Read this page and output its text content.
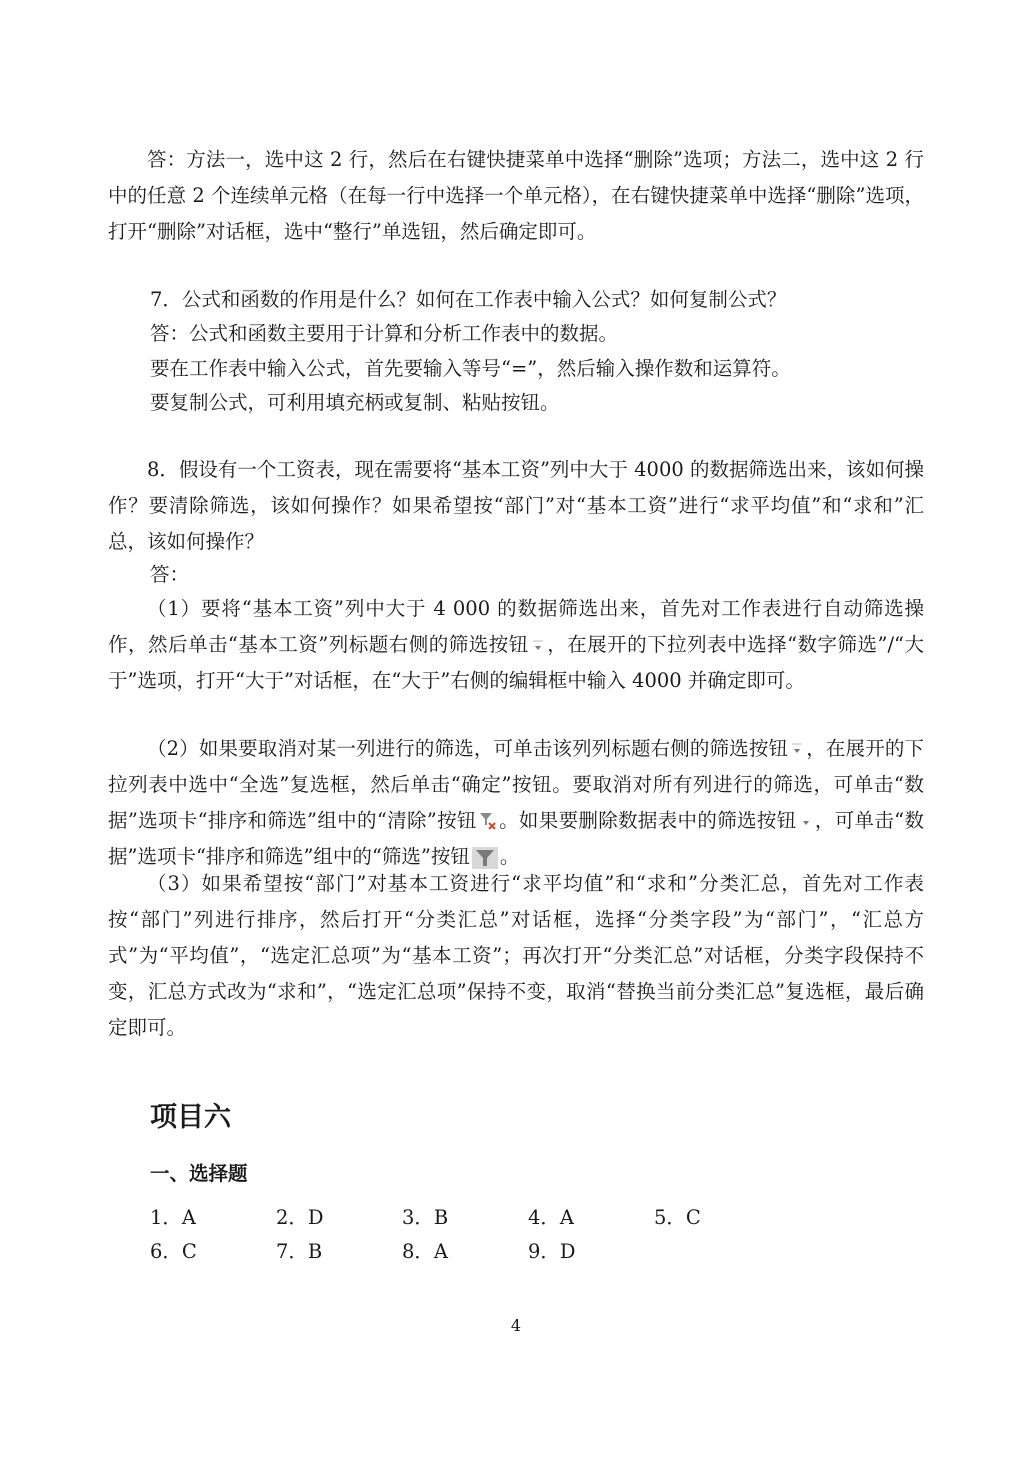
答：方法一，选中这 2 行，然后在右键快捷菜单中选择“删除”选项；方法二，选中这 2 行中的任意 2 个连续单元格（在每一行中选择一个单元格），在右键快捷菜单中选择“删除”选项，打开“删除”对话框，选中“整行”单选钮，然后确定即可。

7．公式和函数的作用是什么？如何在工作表中输入公式？如何复制公式？

答：公式和函数主要用于计算和分析工作表中的数据。

要在工作表中输入公式，首先要输入等号“=”，然后输入操作数和运算符。

要复制公式，可利用填充柄或复制、粘贴按钮。

8．假设有一个工资表，现在需要将“基本工资”列中大于 4000 的数据筛选出来，该如何操作？要清除筛选，该如何操作？如果希望按“部门”对“基本工资”进行“求平均值”和“求和”汇总，该如何操作？

答：

（1）要将“基本工资”列中大于 4 000 的数据筛选出来，首先对工作表进行自动筛选操作，然后单击“基本工资”列标题右侧的筛选按钮 ，在展开的下拉列表中选择“数字筛选”/“大于”选项，打开“大于”对话框，在“大于”右侧的编辑框中输入 4000 并确定即可。

（2）如果要取消对某一列进行的筛选，可单击该列列标题右侧的筛选按钮 ，在展开的下拉列表中选中“全选”复选框，然后单击“确定”按钮。要取消对所有列进行的筛选，可单击“数据”选项卡“排序和筛选”组中的“清除”按钮 。如果要删除数据表中的筛选按钮 ，可单击“数据”选项卡“排序和筛选”组中的“筛选”按钮 。

（3）如果希望按“部门”对基本工资进行“求平均值”和“求和”分类汇总，首先对工作表按“部门”列进行排序，然后打开“分类汇总”对话框，选择“分类字段”为“部门”，“汇总方式”为“平均值”，“选定汇总项”为“基本工资”；再次打开“分类汇总”对话框，分类字段保持不变，汇总方式改为“求和”，“选定汇总项”保持不变，取消“替换当前分类汇总”复选框，最后确定即可。

项目六
一、选择题
1．A	2．D	3．B	4．A	5．C
6．C	7．B	8．A	9．D
4
